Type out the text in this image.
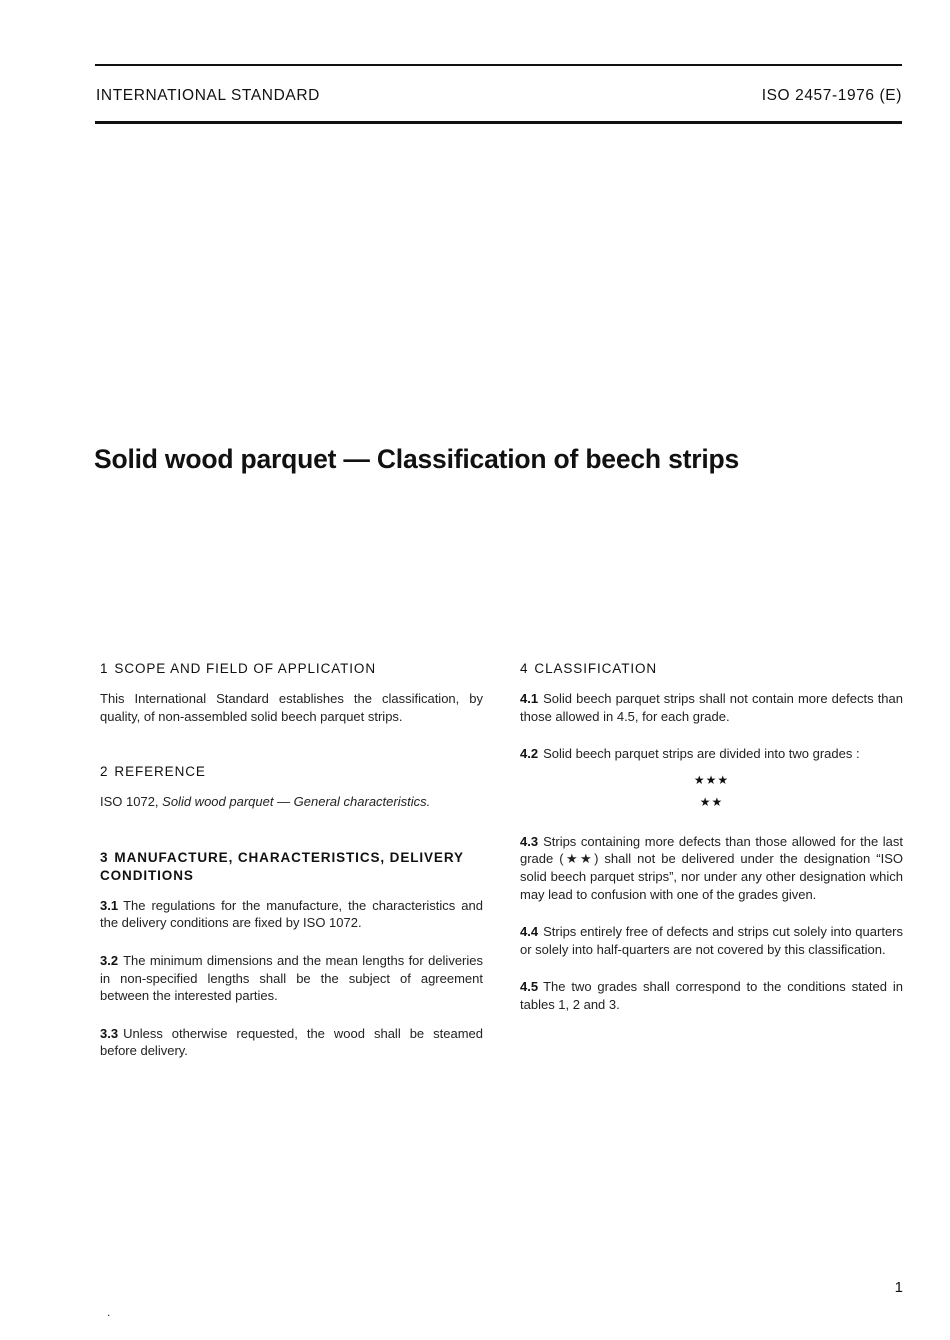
INTERNATIONAL STANDARD	ISO 2457-1976 (E)
Solid wood parquet — Classification of beech strips
1 SCOPE AND FIELD OF APPLICATION

This International Standard establishes the classification, by quality, of non-assembled solid beech parquet strips.

2 REFERENCE

ISO 1072, Solid wood parquet — General characteristics.

3 MANUFACTURE, CHARACTERISTICS, DELIVERY CONDITIONS

3.1 The regulations for the manufacture, the characteristics and the delivery conditions are fixed by ISO 1072.

3.2 The minimum dimensions and the mean lengths for deliveries in non-specified lengths shall be the subject of agreement between the interested parties.

3.3 Unless otherwise requested, the wood shall be steamed before delivery.

4 CLASSIFICATION

4.1 Solid beech parquet strips shall not contain more defects than those allowed in 4.5, for each grade.

4.2 Solid beech parquet strips are divided into two grades :

★★★
★★

4.3 Strips containing more defects than those allowed for the last grade (★★) shall not be delivered under the designation “ISO solid beech parquet strips”, nor under any other designation which may lead to confusion with one of the grades given.

4.4 Strips entirely free of defects and strips cut solely into quarters or solely into half-quarters are not covered by this classification.

4.5 The two grades shall correspond to the conditions stated in tables 1, 2 and 3.

1
.
